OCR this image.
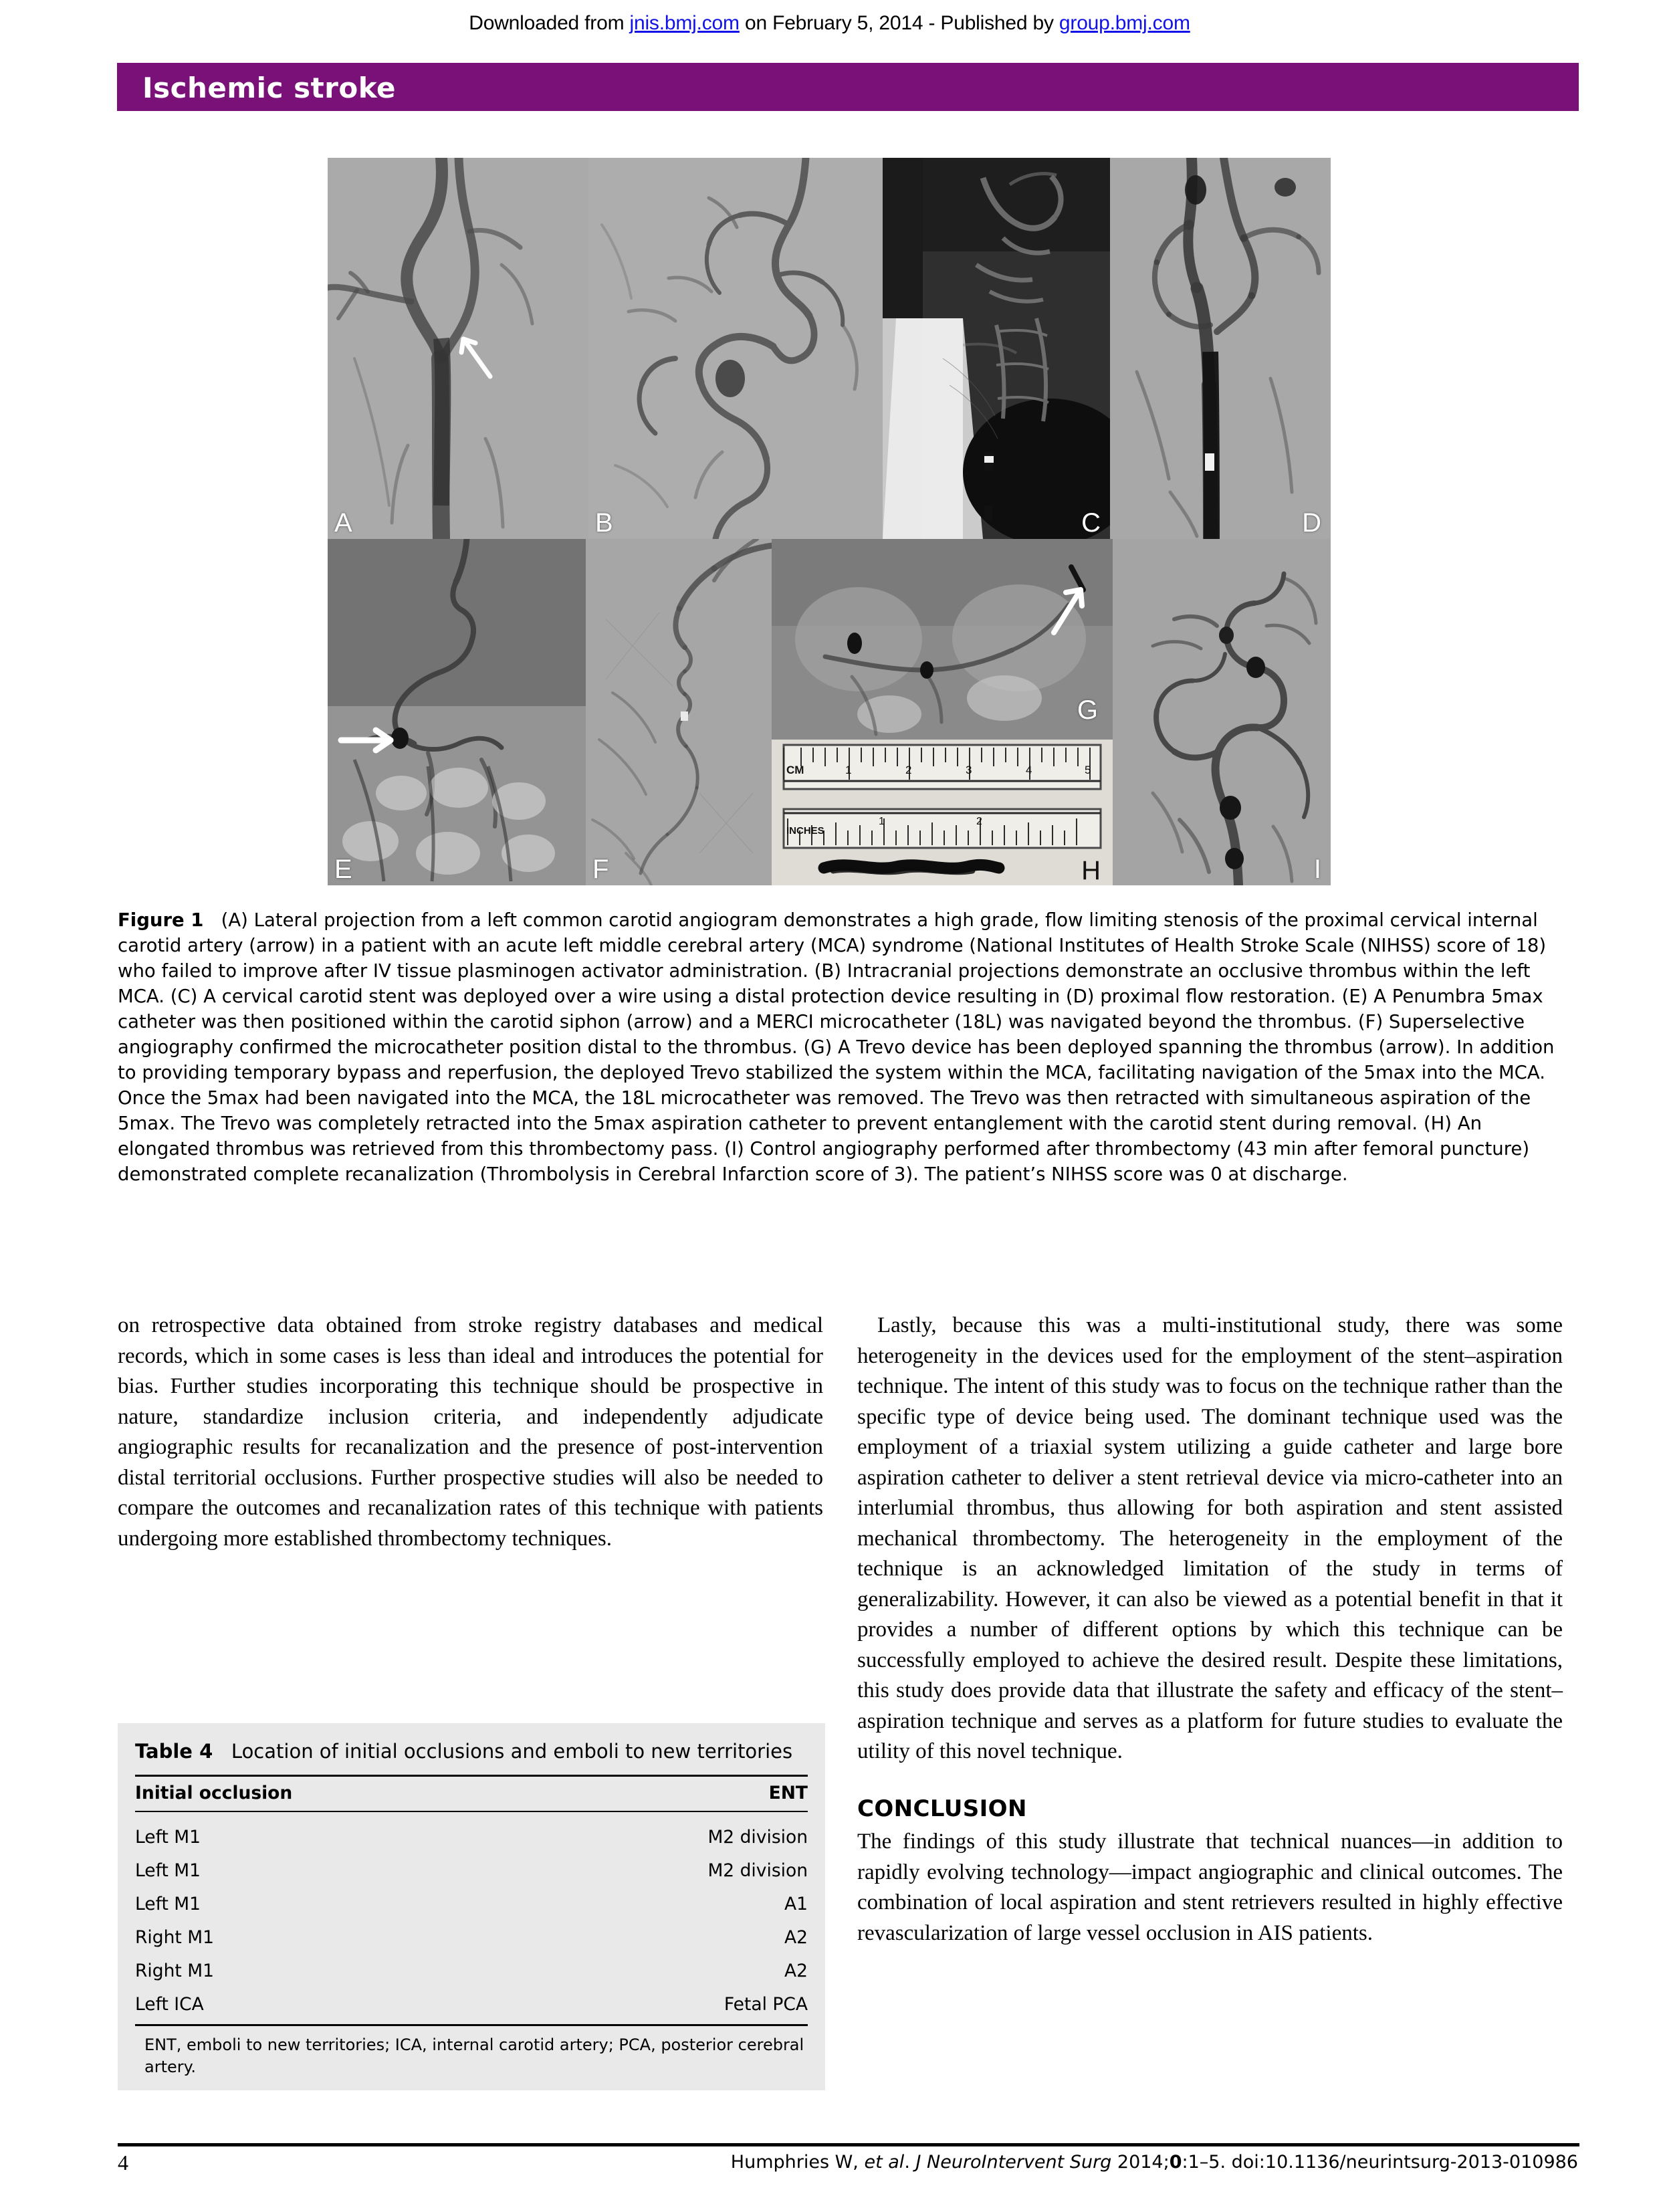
Downloaded from jnis.bmj.com on February 5, 2014 - Published by group.bmj.com
Ischemic stroke
A	B	C	D
E	F
G
CM
INCHES
1	2	3	4	5
1	2
H	I
Figure 1 (A) Lateral projection from a left common carotid angiogram demonstrates a high grade, flow limiting stenosis of the proximal cervical internal carotid artery (arrow) in a patient with an acute left middle cerebral artery (MCA) syndrome (National Institutes of Health Stroke Scale (NIHSS) score of 18) who failed to improve after IV tissue plasminogen activator administration. (B) Intracranial projections demonstrate an occlusive thrombus within the left MCA. (C) A cervical carotid stent was deployed over a wire using a distal protection device resulting in (D) proximal flow restoration. (E) A Penumbra 5max catheter was then positioned within the carotid siphon (arrow) and a MERCI microcatheter (18L) was navigated beyond the thrombus. (F) Superselective angiography confirmed the microcatheter position distal to the thrombus. (G) A Trevo device has been deployed spanning the thrombus (arrow). In addition to providing temporary bypass and reperfusion, the deployed Trevo stabilized the system within the MCA, facilitating navigation of the 5max into the MCA. Once the 5max had been navigated into the MCA, the 18L microcatheter was removed. The Trevo was then retracted with simultaneous aspiration of the 5max. The Trevo was completely retracted into the 5max aspiration catheter to prevent entanglement with the carotid stent during removal. (H) An elongated thrombus was retrieved from this thrombectomy pass. (I) Control angiography performed after thrombectomy (43 min after femoral puncture) demonstrated complete recanalization (Thrombolysis in Cerebral Infarction score of 3). The patient’s NIHSS score was 0 at discharge.

on retrospective data obtained from stroke registry databases and medical records, which in some cases is less than ideal and introduces the potential for bias. Further studies incorporating this technique should be prospective in nature, standardize inclusion criteria, and independently adjudicate angiographic results for recanalization and the presence of post-intervention distal territorial occlusions. Further prospective studies will also be needed to compare the outcomes and recanalization rates of this technique with patients undergoing more established thrombectomy techniques.

Lastly, because this was a multi-institutional study, there was some heterogeneity in the devices used for the employment of the stent–aspiration technique. The intent of this study was to focus on the technique rather than the specific type of device being used. The dominant technique used was the employment of a triaxial system utilizing a guide catheter and large bore aspiration catheter to deliver a stent retrieval device via micro-catheter into an interlumial thrombus, thus allowing for both aspiration and stent assisted mechanical thrombectomy. The heterogeneity in the employment of the technique is an acknowledged limitation of the study in terms of generalizability. However, it can also be viewed as a potential benefit in that it provides a number of different options by which this technique can be successfully employed to achieve the desired result. Despite these limitations, this study does provide data that illustrate the safety and efficacy of the stent–aspiration technique and serves as a platform for future studies to evaluate the utility of this novel technique.

CONCLUSION

The findings of this study illustrate that technical nuances—in addition to rapidly evolving technology—impact angiographic and clinical outcomes. The combination of local aspiration and stent retrievers resulted in highly effective revascularization of large vessel occlusion in AIS patients.

Table 4 Location of initial occlusions and emboli to new territories
Initial occlusion	ENT
Left M1	M2 division
Left M1	M2 division
Left M1	A1
Right M1	A2
Right M1	A2
Left ICA	Fetal PCA
ENT, emboli to new territories; ICA, internal carotid artery; PCA, posterior cerebral artery.
4	Humphries W, et al. J NeuroIntervent Surg 2014;0:1–5. doi:10.1136/neurintsurg-2013-010986
